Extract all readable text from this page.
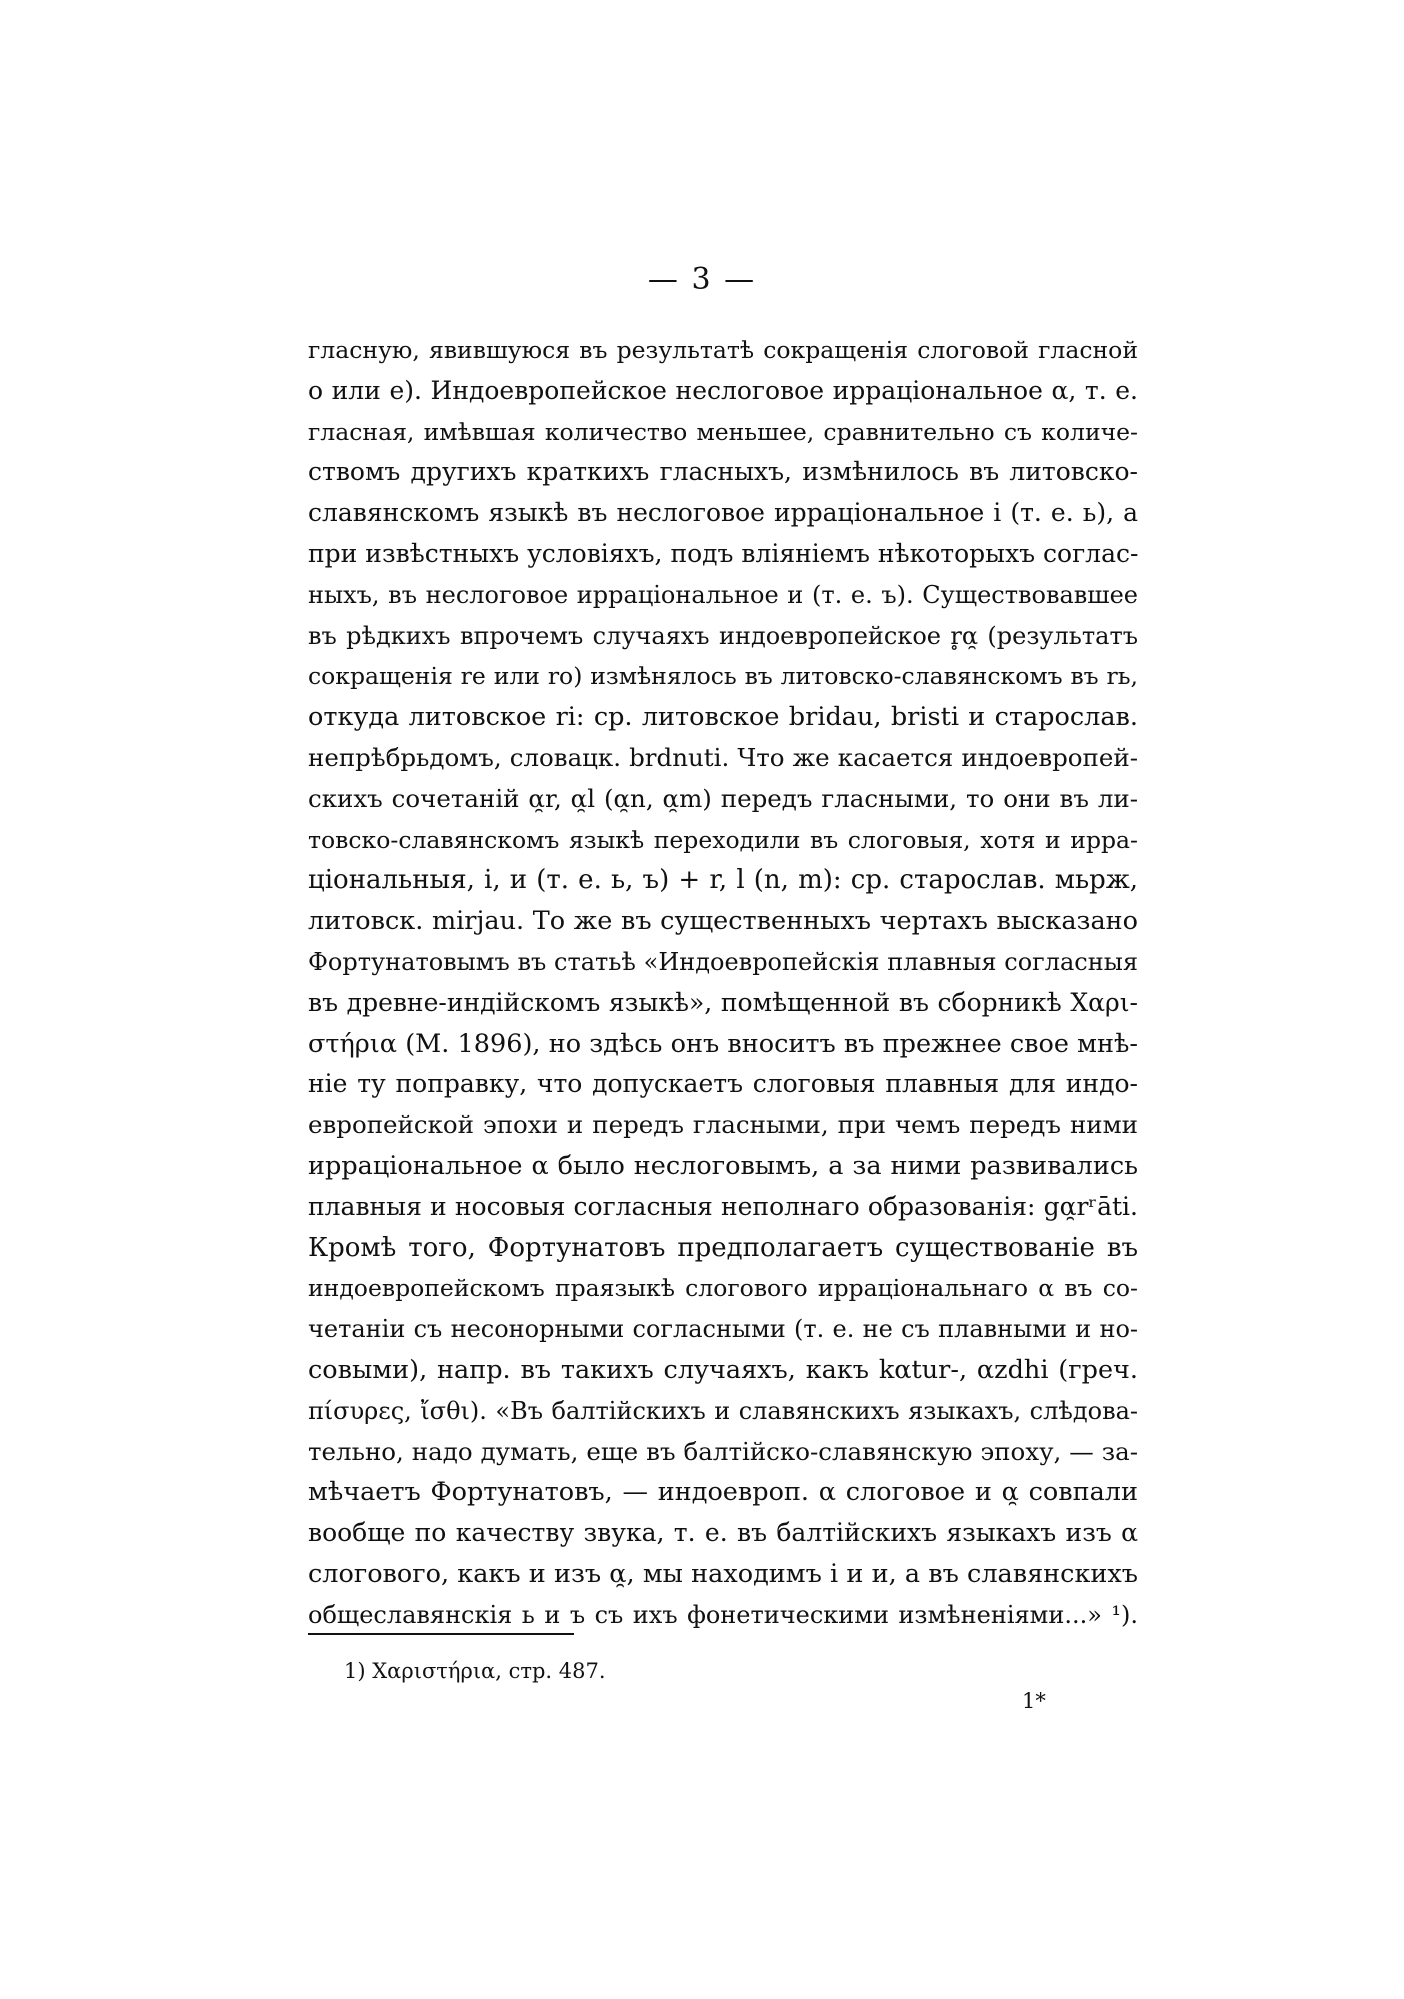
— 3 —
гласную, явившуюся въ результатѣ сокращенія слоговой гласной
о или е). Индоевропейское неслоговое ирраціональное α, т. е.
гласная, имѣвшая количество меньшее, сравнительно съ количе-
ствомъ другихъ краткихъ гласныхъ, измѣнилось въ литовско-
славянскомъ языкѣ въ неслоговое ирраціональное і (т. е. ь), а
при извѣстныхъ условіяхъ, подъ вліяніемъ нѣкоторыхъ соглас-
ныхъ, въ неслоговое ирраціональное и (т. е. ъ). Существовавшее
въ рѣдкихъ впрочемъ случаяхъ индоевропейское r̥α̯ (результатъ
сокращенія re или ro) измѣнялось въ литовско-славянскомъ въ rь,
откуда литовское ri: ср. литовское bridau, bristi и старослав.
непрѣбрьдомъ, словацк. brdnuti. Что же касается индоевропей-
скихъ сочетаній α̯r, α̯l (α̯n, α̯m) передъ гласными, то они въ ли-
товско-славянскомъ языкѣ переходили въ слоговыя, хотя и ирра-
ціональныя, і, и (т. е. ь, ъ) + r, l (n, m): ср. старослав. мьрж,
литовск. mirjau. То же въ существенныхъ чертахъ высказано
Фортунатовымъ въ статьѣ «Индоевропейскія плавныя согласныя
въ древне-индійскомъ языкѣ», помѣщенной въ сборникѣ Χαρι-
στήρια (М. 1896), но здѣсь онъ вноситъ въ прежнее свое мнѣ-
ніе ту поправку, что допускаетъ слоговыя плавныя для индо-
европейской эпохи и передъ гласными, при чемъ передъ ними
ирраціональное α было неслоговымъ, а за ними развивались
плавныя и носовыя согласныя неполнаго образованія: gα̯rʳāti.
Кромѣ того, Фортунатовъ предполагаетъ существованіе въ
индоевропейскомъ праязыкѣ слогового ирраціональнаго α въ со-
четаніи съ несонорными согласными (т. е. не съ плавными и но-
совыми), напр. въ такихъ случаяхъ, какъ kαtur-, αzdhi (греч.
πίσυρες, ἴσθι). «Въ балтійскихъ и славянскихъ языкахъ, слѣдова-
тельно, надо думать, еще въ балтійско-славянскую эпоху, — за-
мѣчаетъ Фортунатовъ, — индоевроп. α слоговое и α̯ совпали
вообще по качеству звука, т. е. въ балтійскихъ языкахъ изъ α
слогового, какъ и изъ α̯, мы находимъ і и и, а въ славянскихъ
общеславянскія ь и ъ съ ихъ фонетическими измѣненіями...» ¹).
1) Χαριστήρια, стр. 487.
1*
